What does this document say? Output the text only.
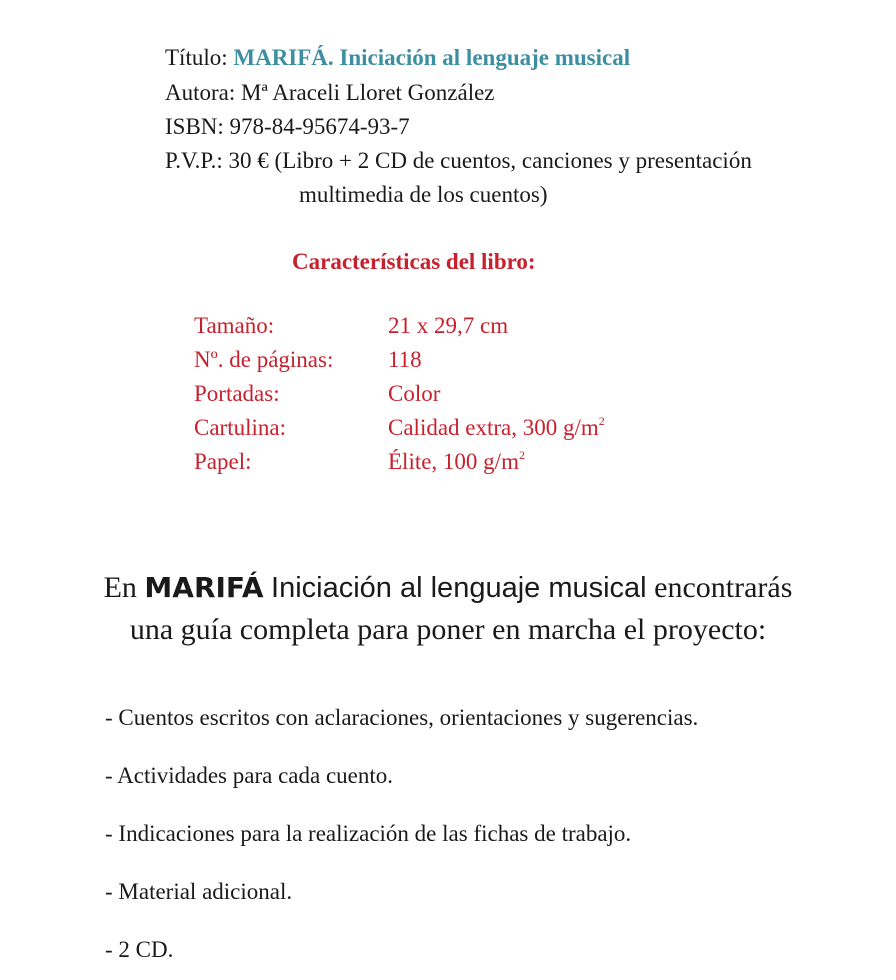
Título: MARIFÁ. Iniciación al lenguaje musical
Autora: Mª Araceli Lloret González
ISBN: 978-84-95674-93-7
P.V.P.: 30 € (Libro + 2 CD de cuentos, canciones y presentación
multimedia de los cuentos)
Características del libro:
Tamaño:	21 x 29,7 cm
Nº. de páginas: 118
Portadas:	Color
Cartulina:	Calidad extra, 300 $g/m^2$
Papel:	Élite, 100 $g/m^2$
En MARIFÁ Iniciación al lenguaje musical encontrarás
una guía completa para poner en marcha el proyecto:
- Cuentos escritos con aclaraciones, orientaciones y sugerencias.
- Actividades para cada cuento.
- Indicaciones para la realización de las fichas de trabajo.
- Material adicional.
- 2 CD.
